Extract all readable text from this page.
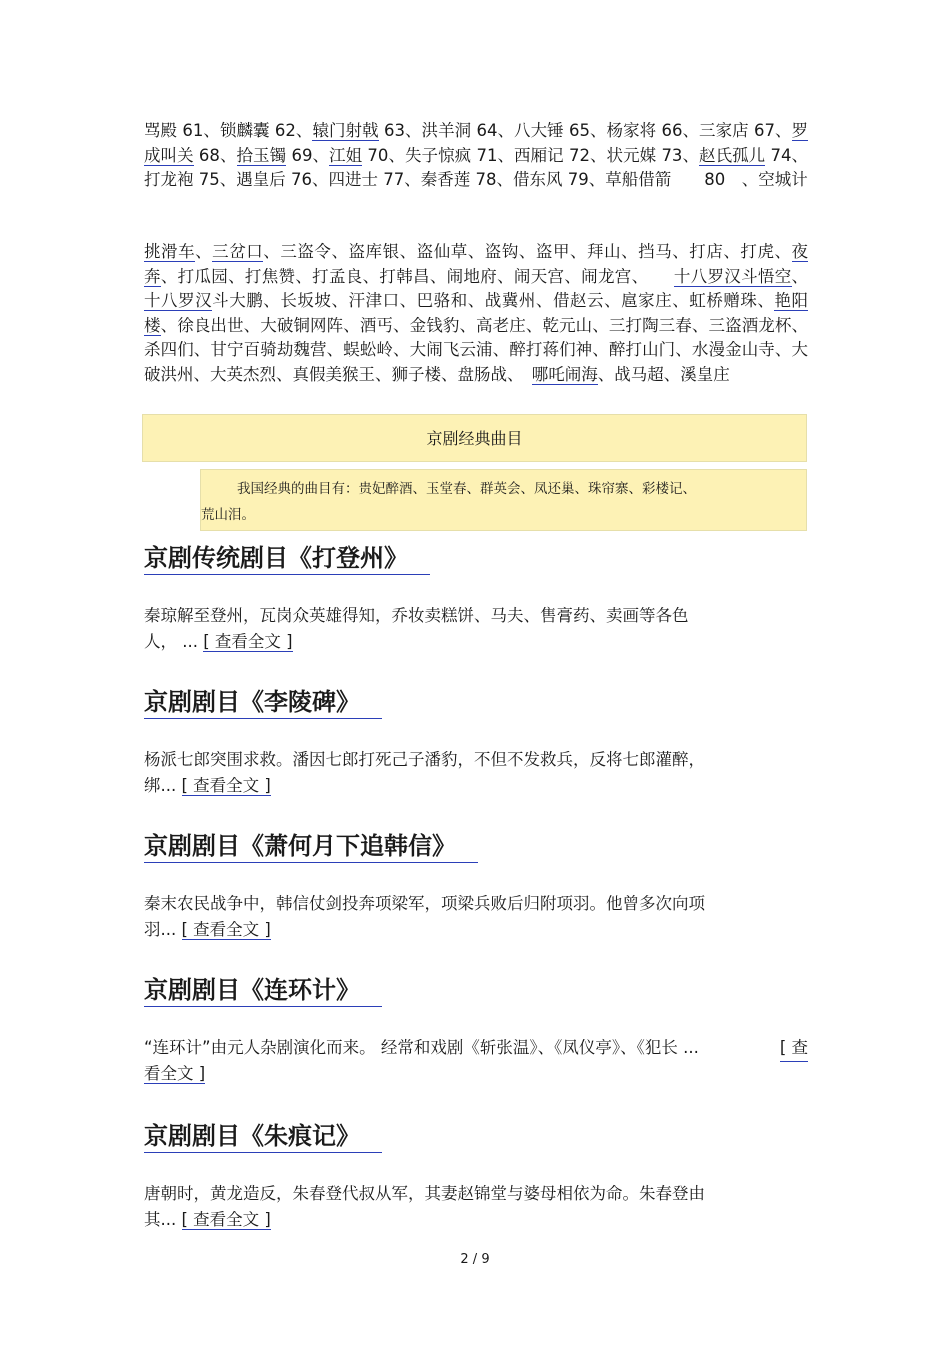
骂殿 61、锁麟囊 62、辕门射戟 63、洪羊洞 64、八大锤 65、杨家将 66、三家店 67、罗成叫关 68、拾玉镯 69、江姐 70、失子惊疯 71、西厢记 72、状元媒 73、赵氏孤儿 74、打龙袍 75、遇皇后 76、四进士 77、秦香莲 78、借东风 79、草船借箭　　80　、空城计

挑滑车、三岔口、三盗令、盗库银、盗仙草、盗钩、盗甲、拜山、挡马、打店、打虎、夜奔、打瓜园、打焦赞、打孟良、打韩昌、闹地府、闹天宫、闹龙宫、　　十八罗汉斗悟空、十八罗汉斗大鹏、长坂坡、汗津口、巴骆和、战冀州、借赵云、扈家庄、虹桥赠珠、艳阳楼、徐良出世、大破铜网阵、酒丐、金钱豹、高老庄、乾元山、三打陶三春、三盗酒龙杯、杀四们、甘宁百骑劫魏营、蜈蚣岭、大闹飞云浦、醉打蒋们神、醉打山门、水漫金山寺、大破洪州、大英杰烈、真假美猴王、狮子楼、盘肠战、　哪吒闹海、战马超、溪皇庄

京剧经典曲目
我国经典的曲目有：贵妃醉酒、玉堂春、群英会、凤还巢、珠帘寨、彩楼记、
荒山泪。
京剧传统剧目《打登州》

秦琼解至登州，瓦岗众英雄得知，乔妆卖糕饼、马夫、售膏药、卖画等各色
人， ... [ 查看全文 ]

京剧剧目《李陵碑》

杨派七郎突围求救。潘因七郎打死己子潘豹，不但不发救兵，反将七郎灌醉，
绑... [ 查看全文 ]

京剧剧目《萧何月下追韩信》

秦末农民战争中，韩信仗剑投奔项梁军，项梁兵败后归附项羽。他曾多次向项
羽... [ 查看全文 ]

京剧剧目《连环计》

“连环计”由元人杂剧演化而来。 经常和戏剧《斩张温》、《凤仪亭》、《犯长 ...	[ 查

看全文 ]

京剧剧目《朱痕记》

唐朝时，黄龙造反，朱春登代叔从军，其妻赵锦堂与婆母相依为命。朱春登由
其... [ 查看全文 ]

2 / 9
